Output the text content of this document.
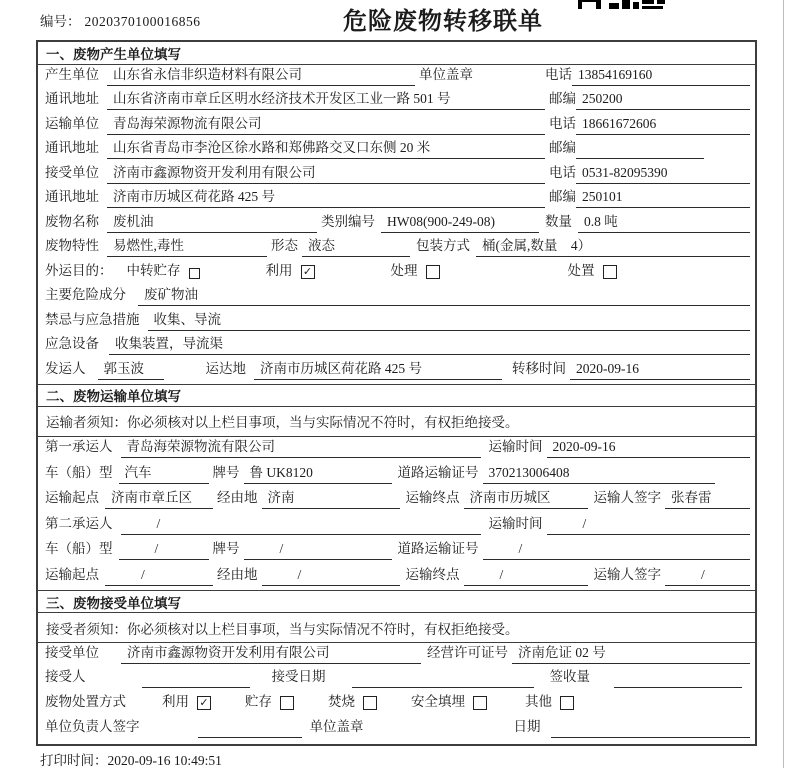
编号： 2020370100016856	危险废物转移联单
一、废物产生单位填写
产生单位	山东省永信非织造材料有限公司	单位盖章	电话 13854169160
通讯地址	山东省济南市章丘区明水经济技术开发区工业一路 501 号	邮编 250200
运输单位	青岛海荣源物流有限公司	电话 18661672606
通讯地址	山东省青岛市李沧区徐水路和郑佛路交叉口东侧 20 米	邮编
接受单位	济南市鑫源物资开发利用有限公司	电话 0531-82095390
通讯地址	济南市历城区荷花路 425 号	邮编 250101
废物名称	废机油	类别编号 HW08(900-249-08)	数量 0.8 吨
废物特性	易燃性,毒性	形态 液态	包装方式 桶(金属,数量　4）
外运目的： 中转贮存	利用 ✓	处理	处置
主要危险成分	废矿物油
禁忌与应急措施	收集、导流
应急设备	收集装置，导流渠
发运人	郭玉波	运达地	济南市历城区荷花路 425 号	转移时间 2020-09-16
二、废物运输单位填写
运输者须知：你必须核对以上栏目事项，当与实际情况不符时，有权拒绝接受。
第一承运人	青岛海荣源物流有限公司	运输时间 2020-09-16
车（船）型 汽车	牌号 鲁 UK8120	道路运输证号 370213006408
运输起点 济南市章丘区	经由地 济南	运输终点 济南市历城区	运输人签字 张春雷
第二承运人	/	运输时间	/
车（船）型	/	牌号	/	道路运输证号	/
运输起点	/	经由地	/	运输终点	/	运输人签字	/
三、废物接受单位填写
接受者须知：你必须核对以上栏目事项，当与实际情况不符时，有权拒绝接受。
接受单位	济南市鑫源物资开发利用有限公司	经营许可证号 济南危证 02 号
接受人	接受日期	签收量
废物处置方式	利用 ✓	贮存	焚烧	安全填埋	其他
单位负责人签字	单位盖章	日期
打印时间：2020-09-16 10:49:51
